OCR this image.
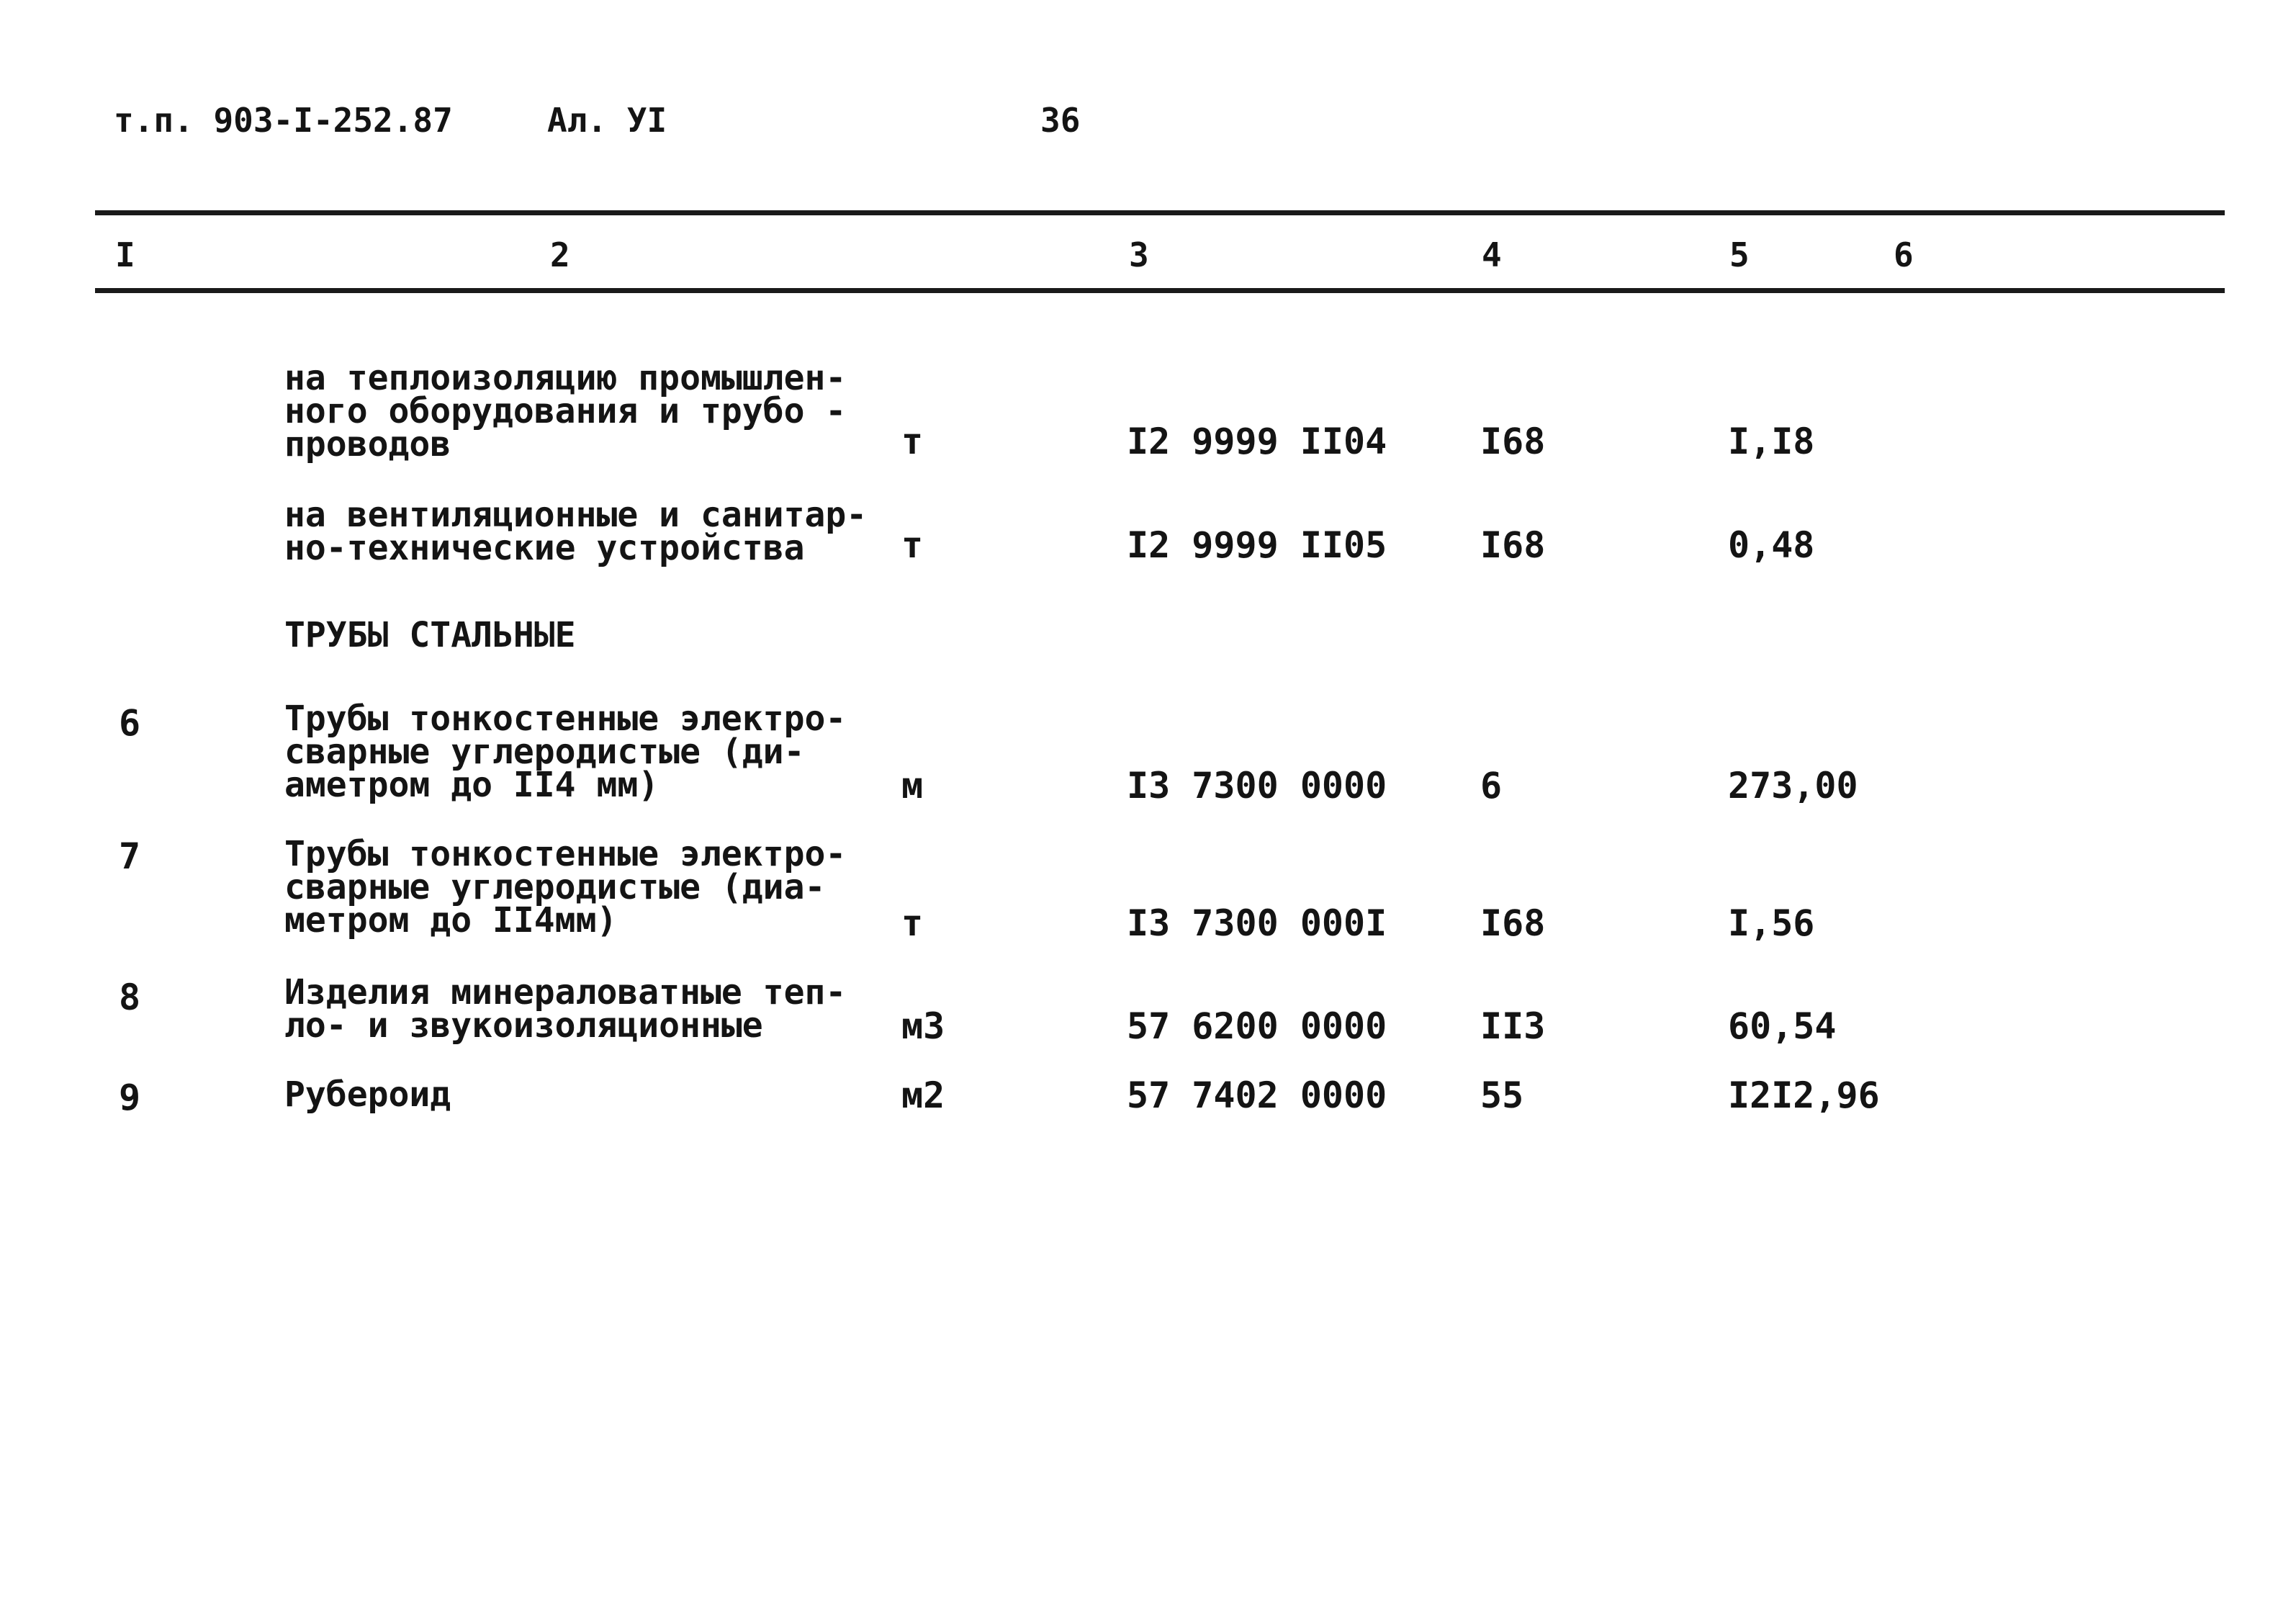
т.п. 903-I-252.87	Ал. УI	36
I	2	3	4	5	6
на теплоизоляцию промышлен-
ного оборудования и трубо -
проводов	т	I2 9999 II04	I68	I,I8
на вентиляционные и санитар-
но-технические устройства	т	I2 9999 II05	I68	0,48
ТРУБЫ СТАЛЬНЫЕ
6	Трубы тонкостенные электро-
сварные углеродистые (ди-
аметром до II4 мм)	м	I3 7300 0000	6	273,00
7	Трубы тонкостенные электро-
сварные углеродистые (диа-
метром до II4мм)	т	I3 7300 000I	I68	I,56
8	Изделия минераловатные теп-
ло- и звукоизоляционные	м3	57 6200 0000	II3	60,54
9	Рубероид	м2	57 7402 0000	55	I2I2,96
